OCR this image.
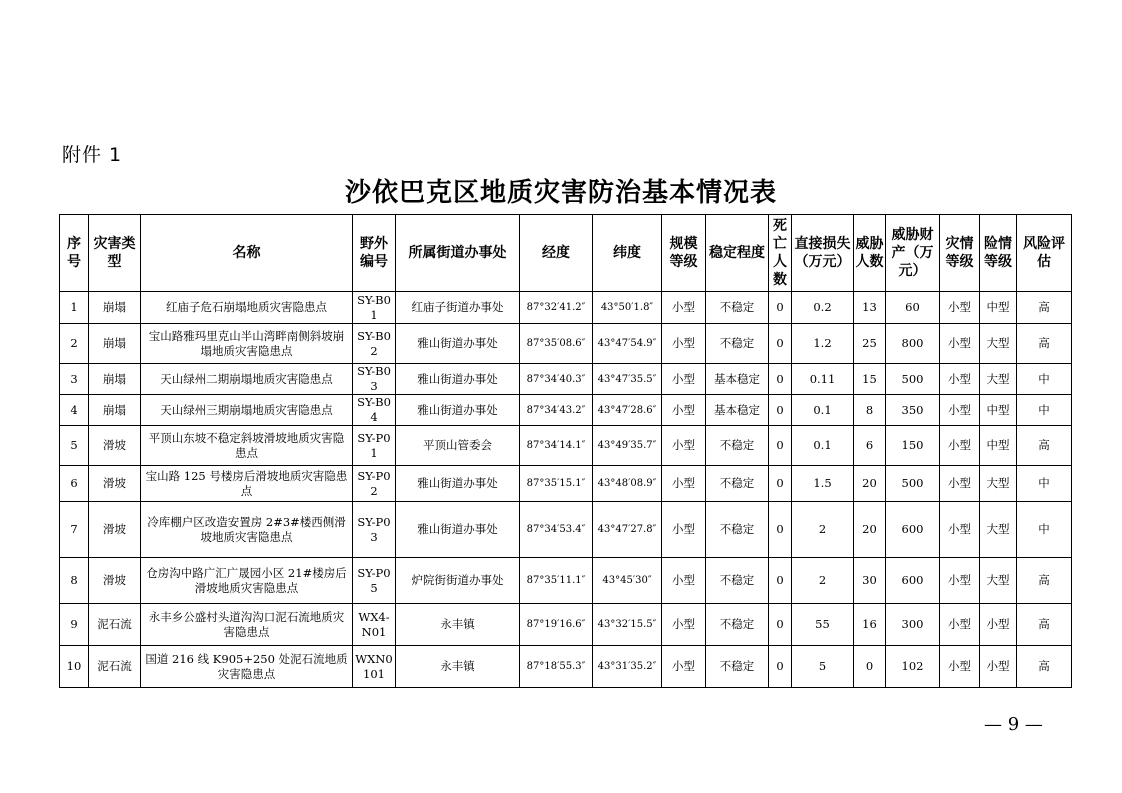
附件 1
沙依巴克区地质灾害防治基本情况表
序号	灾害类型	名称	野外编号	所属街道办事处	经度	纬度	规模等级	稳定程度	死亡人数	直接损失（万元）	威胁人数	威胁财产（万元）	灾情等级	险情等级	风险评估
1	崩塌	红庙子危石崩塌地质灾害隐患点	SY-B01	红庙子街道办事处	87°32′41.2″	43°50′1.8″	小型	不稳定	0	0.2	13	60	小型	中型	高
2	崩塌	宝山路雅玛里克山半山湾畔南侧斜坡崩塌地质灾害隐患点	SY-B02	雅山街道办事处	87°35′08.6″	43°47′54.9″	小型	不稳定	0	1.2	25	800	小型	大型	高
3	崩塌	天山绿州二期崩塌地质灾害隐患点	SY-B03	雅山街道办事处	87°34′40.3″	43°47′35.5″	小型	基本稳定	0	0.11	15	500	小型	大型	中
4	崩塌	天山绿州三期崩塌地质灾害隐患点	SY-B04	雅山街道办事处	87°34′43.2″	43°47′28.6″	小型	基本稳定	0	0.1	8	350	小型	中型	中
5	滑坡	平顶山东坡不稳定斜坡滑坡地质灾害隐患点	SY-P01	平顶山管委会	87°34′14.1″	43°49′35.7″	小型	不稳定	0	0.1	6	150	小型	中型	高
6	滑坡	宝山路 125 号楼房后滑坡地质灾害隐患点	SY-P02	雅山街道办事处	87°35′15.1″	43°48′08.9″	小型	不稳定	0	1.5	20	500	小型	大型	中
7	滑坡	冷库棚户区改造安置房 2#3#楼西侧滑坡地质灾害隐患点	SY-P03	雅山街道办事处	87°34′53.4″	43°47′27.8″	小型	不稳定	0	2	20	600	小型	大型	中
8	滑坡	仓房沟中路广汇广晟园小区 21#楼房后滑坡地质灾害隐患点	SY-P05	炉院街街道办事处	87°35′11.1″	43°45′30″	小型	不稳定	0	2	30	600	小型	大型	高
9	泥石流	永丰乡公盛村头道沟沟口泥石流地质灾害隐患点	WX4-N01	永丰镇	87°19′16.6″	43°32′15.5″	小型	不稳定	0	55	16	300	小型	小型	高
10	泥石流	国道 216 线 K905+250 处泥石流地质灾害隐患点	WXN0101	永丰镇	87°18′55.3″	43°31′35.2″	小型	不稳定	0	5	0	102	小型	小型	高
— 9 —
